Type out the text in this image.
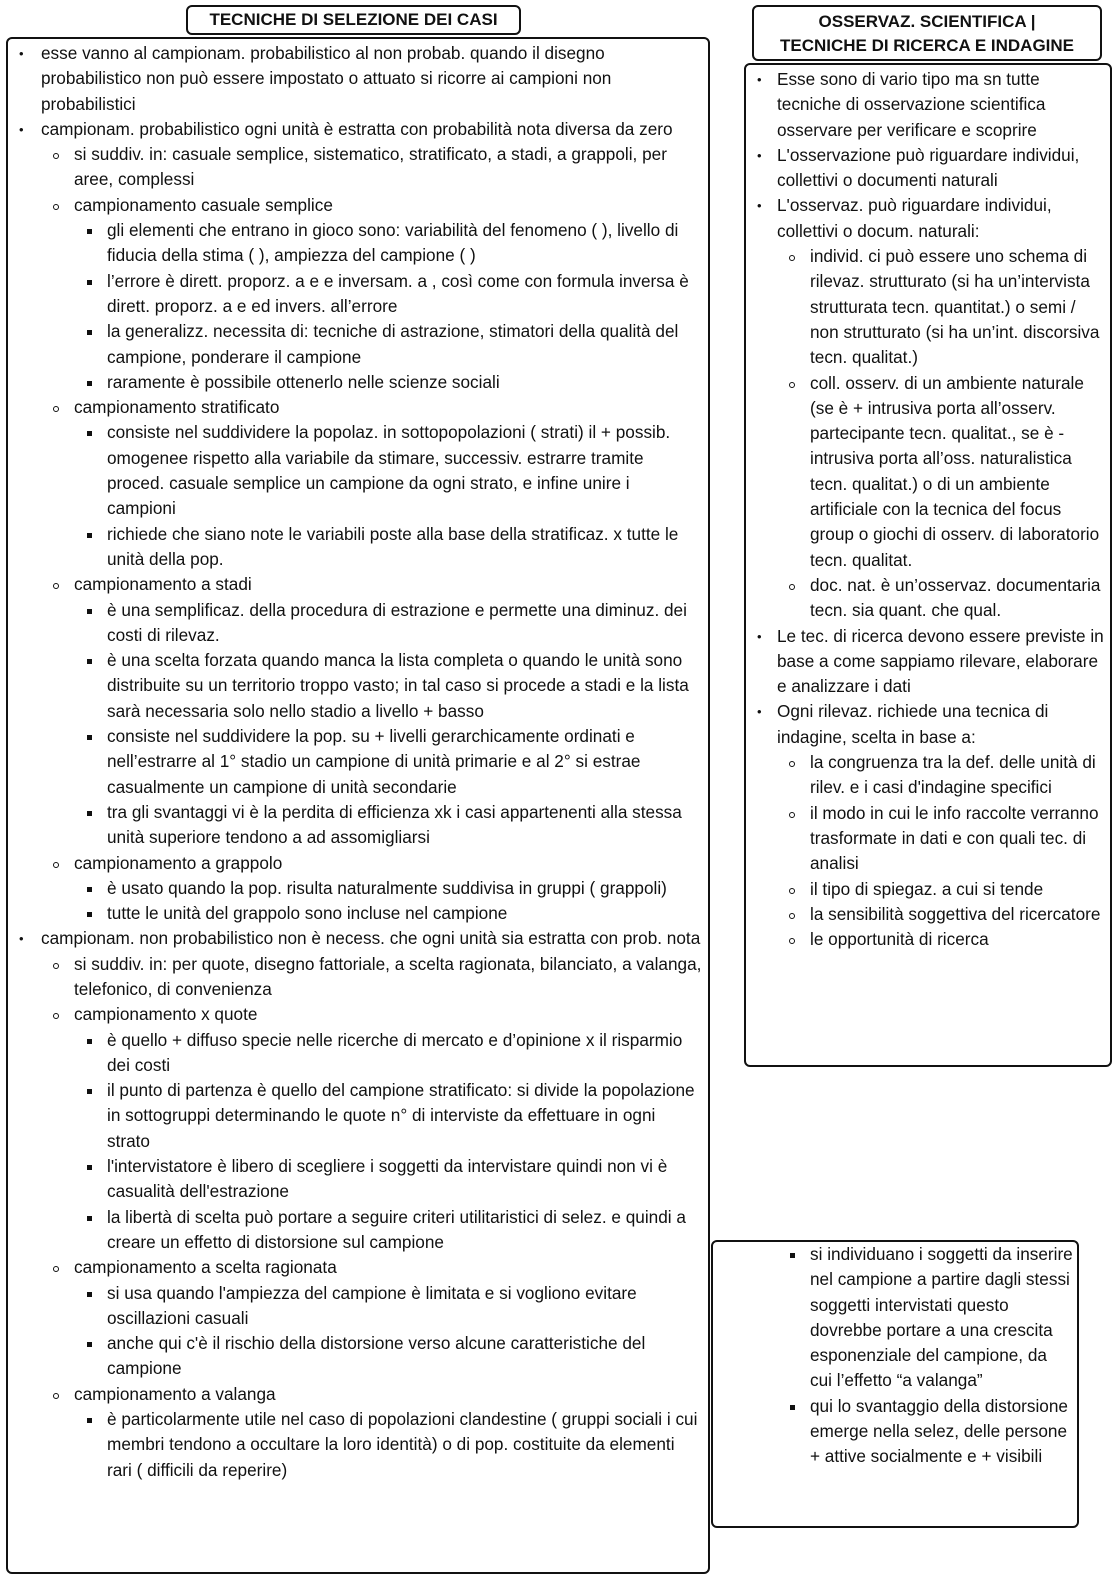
TECNICHE DI SELEZIONE DEI CASI	OSSERVAZ. SCIENTIFICA |
TECNICHE DI RICERCA E INDAGINE
• esse vanno al campionam. probabilistico al non probab. quando il disegno probabilistico non può essere impostato o attuato si ricorre ai campioni non probabilistici
• campionam. probabilistico ogni unità è estratta con probabilità nota diversa da zero
si suddiv. in: casuale semplice, sistematico, stratificato, a stadi, a grappoli, per aree, complessi
campionamento casuale semplice
gli elementi che entrano in gioco sono: variabilità del fenomeno ( ), livello di fiducia della stima ( ), ampiezza del campione ( )
l’errore è dirett. proporz. a e e inversam. a , così come con formula inversa è dirett. proporz. a e ed invers. all’errore
la generalizz. necessita di: tecniche di astrazione, stimatori della qualità del campione, ponderare il campione
raramente è possibile ottenerlo nelle scienze sociali
campionamento stratificato
consiste nel suddividere la popolaz. in sottopopolazioni ( strati) il + possib. omogenee rispetto alla variabile da stimare, successiv. estrarre tramite proced. casuale semplice un campione da ogni strato, e infine unire i campioni
richiede che siano note le variabili poste alla base della stratificaz. x tutte le unità della pop.
campionamento a stadi
è una semplificaz. della procedura di estrazione e permette una diminuz. dei costi di rilevaz.
è una scelta forzata quando manca la lista completa o quando le unità sono distribuite su un territorio troppo vasto; in tal caso si procede a stadi e la lista sarà necessaria solo nello stadio a livello + basso
consiste nel suddividere la pop. su + livelli gerarchicamente ordinati e nell’estrarre al 1° stadio un campione di unità primarie e al 2° si estrae casualmente un campione di unità secondarie
tra gli svantaggi vi è la perdita di efficienza xk i casi appartenenti alla stessa unità superiore tendono a ad assomigliarsi
campionamento a grappolo
è usato quando la pop. risulta naturalmente suddivisa in gruppi ( grappoli)
tutte le unità del grappolo sono incluse nel campione
• campionam. non probabilistico non è necess. che ogni unità sia estratta con prob. nota
si suddiv. in: per quote, disegno fattoriale, a scelta ragionata, bilanciato, a valanga, telefonico, di convenienza
campionamento x quote
è quello + diffuso specie nelle ricerche di mercato e d’opinione x il risparmio dei costi
il punto di partenza è quello del campione stratificato: si divide la popolazione in sottogruppi determinando le quote n° di interviste da effettuare in ogni strato
l'intervistatore è libero di scegliere i soggetti da intervistare quindi non vi è casualità dell'estrazione
la libertà di scelta può portare a seguire criteri utilitaristici di selez. e quindi a creare un effetto di distorsione sul campione
campionamento a scelta ragionata
si usa quando l'ampiezza del campione è limitata e si vogliono evitare oscillazioni casuali
anche qui c'è il rischio della distorsione verso alcune caratteristiche del campione
campionamento a valanga
è particolarmente utile nel caso di popolazioni clandestine ( gruppi sociali i cui membri tendono a occultare la loro identità) o di pop. costituite da elementi rari ( difficili da reperire)
• Esse sono di vario tipo ma sn tutte tecniche di osservazione scientifica osservare per verificare e scoprire
• L'osservazione può riguardare individui, collettivi o documenti naturali
• L'osservaz. può riguardare individui, collettivi o docum. naturali:
individ. ci può essere uno schema di rilevaz. strutturato (si ha un’intervista strutturata tecn. quantitat.) o semi / non strutturato (si ha un’int. discorsiva tecn. qualitat.)
coll. osserv. di un ambiente naturale (se è + intrusiva porta all’osserv. partecipante tecn. qualitat., se è - intrusiva porta all’oss. naturalistica tecn. qualitat.) o di un ambiente artificiale con la tecnica del focus group o giochi di osserv. di laboratorio tecn. qualitat.
doc. nat. è un’osservaz. documentaria tecn. sia quant. che qual.
• Le tec. di ricerca devono essere previste in base a come sappiamo rilevare, elaborare e analizzare i dati
• Ogni rilevaz. richiede una tecnica di indagine, scelta in base a:
la congruenza tra la def. delle unità di rilev. e i casi d'indagine specifici
il modo in cui le info raccolte verranno trasformate in dati e con quali tec. di analisi
il tipo di spiegaz. a cui si tende
la sensibilità soggettiva del ricercatore
le opportunità di ricerca
si individuano i soggetti da inserire nel campione a partire dagli stessi soggetti intervistati questo dovrebbe portare a una crescita esponenziale del campione, da cui l’effetto “a valanga”
qui lo svantaggio della distorsione emerge nella selez, delle persone + attive socialmente e + visibili
